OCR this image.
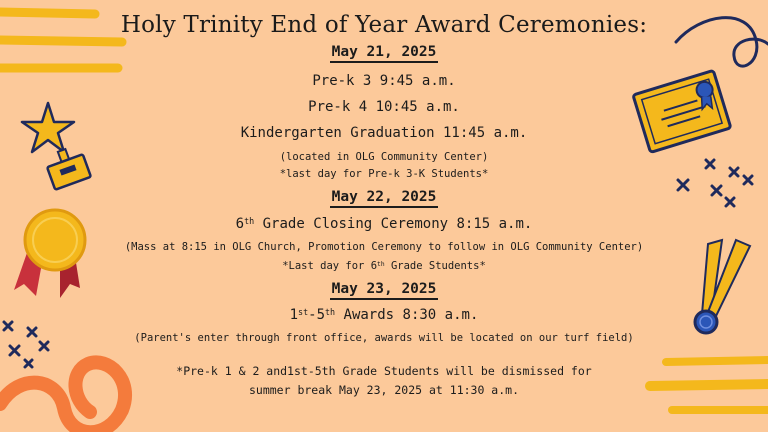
Holy Trinity End of Year Award Ceremonies:
May 21, 2025
Pre-k 3 9:45 a.m.
Pre-k 4 10:45 a.m.
Kindergarten Graduation 11:45 a.m.
(located in OLG Community Center)
*last day for Pre-k 3-K Students*
May 22, 2025
6th Grade Closing Ceremony 8:15 a.m.
(Mass at 8:15 in OLG Church, Promotion Ceremony to follow in OLG Community Center)
*Last day for 6th Grade Students*
May 23, 2025
1st-5th Awards 8:30 a.m.
(Parent's enter through front office, awards will be located on our turf field)
*Pre-k 1 & 2 and1st-5th Grade Students will be dismissed for
summer break May 23, 2025 at 11:30 a.m.
